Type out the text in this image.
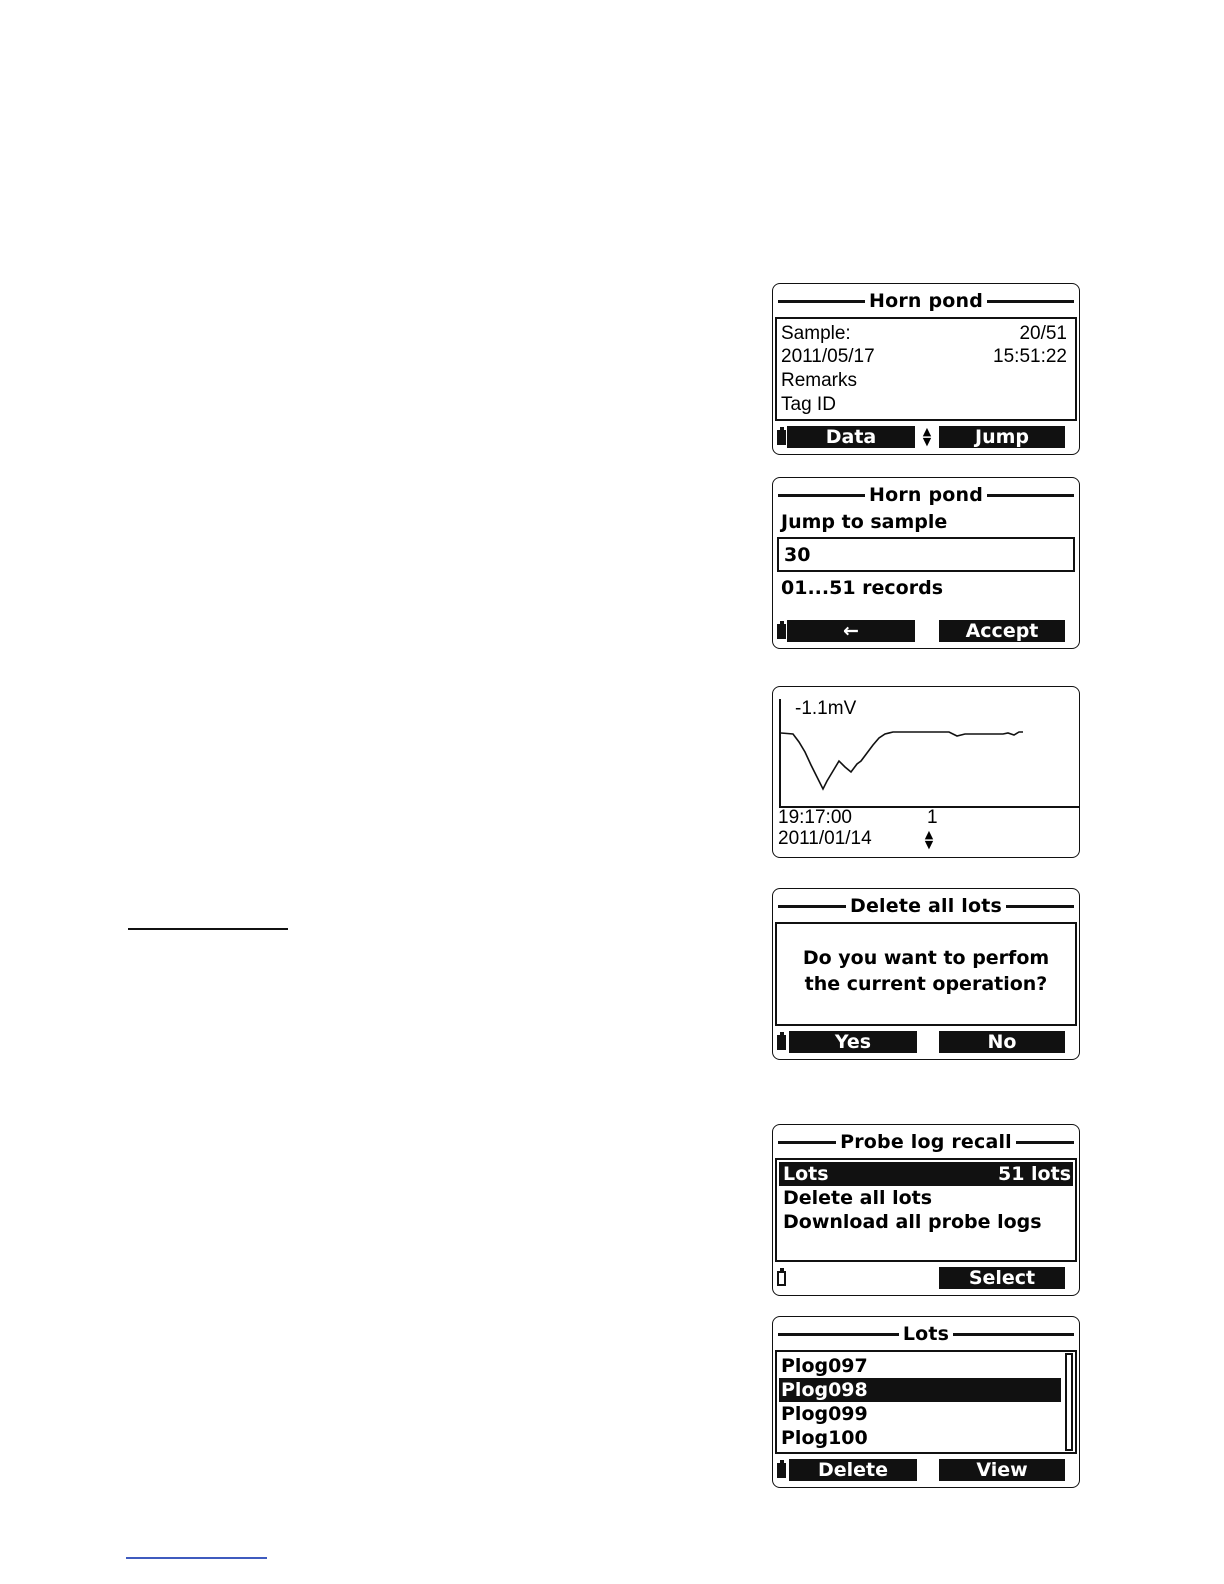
Horn pond
Sample:	20/51
2011/05/17	15:51:22
Remarks
Tag ID
Data	▲
▼	Jump
Horn pond
Jump to sample
30
01...51 records
←	Accept
-1.1mV
19:17:00	1
2011/01/14	▲
▼
Delete all lots
Do you want to perfom
the current operation?
Yes	No
Probe log recall
Lots	51 lots
Delete all lots
Download all probe logs
Select
Lots
Plog097
Plog098
Plog099
Plog100
Delete	View
